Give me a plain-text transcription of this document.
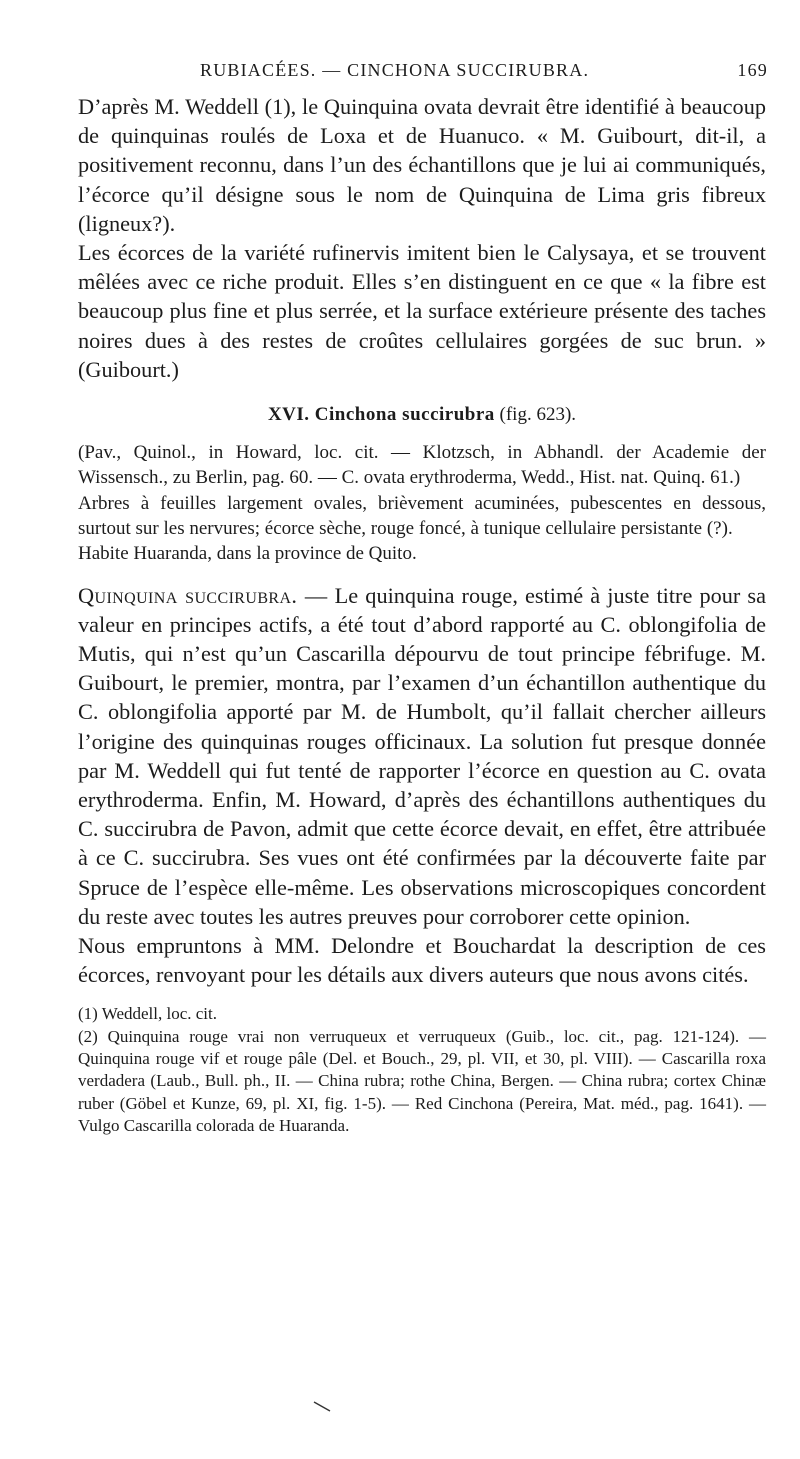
RUBIACÉES. — CINCHONA SUCCIRUBRA.	169

D’après M. Weddell (1), le Quinquina ovata devrait être identifié à beaucoup de quinquinas roulés de Loxa et de Huanuco. « M. Guibourt, dit-il, a positivement reconnu, dans l’un des échantillons que je lui ai communiqués, l’écorce qu’il désigne sous le nom de Quinquina de Lima gris fibreux (ligneux?).

Les écorces de la variété rufinervis imitent bien le Calysaya, et se trouvent mêlées avec ce riche produit. Elles s’en distinguent en ce que « la fibre est beaucoup plus fine et plus serrée, et la surface extérieure présente des taches noires dues à des restes de croûtes cellulaires gorgées de suc brun. » (Guibourt.)

XVI. Cinchona succirubra (fig. 623).

(Pav., Quinol., in Howard, loc. cit. — Klotzsch, in Abhandl. der Academie der Wissensch., zu Berlin, pag. 60. — C. ovata erythroderma, Wedd., Hist. nat. Quinq. 61.)

Arbres à feuilles largement ovales, brièvement acuminées, pubescentes en dessous, surtout sur les nervures; écorce sèche, rouge foncé, à tunique cellulaire persistante (?).

Habite Huaranda, dans la province de Quito.

Quinquina succirubra. — Le quinquina rouge, estimé à juste titre pour sa valeur en principes actifs, a été tout d’abord rapporté au C. oblongifolia de Mutis, qui n’est qu’un Cascarilla dépourvu de tout principe fébrifuge. M. Guibourt, le premier, montra, par l’examen d’un échantillon authentique du C. oblongifolia apporté par M. de Humbolt, qu’il fallait chercher ailleurs l’origine des quinquinas rouges officinaux. La solution fut presque donnée par M. Weddell qui fut tenté de rapporter l’écorce en question au C. ovata erythroderma. Enfin, M. Howard, d’après des échantillons authentiques du C. succirubra de Pavon, admit que cette écorce devait, en effet, être attribuée à ce C. succirubra. Ses vues ont été confirmées par la découverte faite par Spruce de l’espèce elle-même. Les observations microscopiques concordent du reste avec toutes les autres preuves pour corroborer cette opinion.

Nous empruntons à MM. Delondre et Bouchardat la description de ces écorces, renvoyant pour les détails aux divers auteurs que nous avons cités.

(1) Weddell, loc. cit.

(2) Quinquina rouge vrai non verruqueux et verruqueux (Guib., loc. cit., pag. 121-124). — Quinquina rouge vif et rouge pâle (Del. et Bouch., 29, pl. VII, et 30, pl. VIII). — Cascarilla roxa verdadera (Laub., Bull. ph., II. — China rubra; rothe China, Bergen. — China rubra; cortex Chinæ ruber (Göbel et Kunze, 69, pl. XI, fig. 1-5). — Red Cinchona (Pereira, Mat. méd., pag. 1641). — Vulgo Cascarilla colorada de Huaranda.
